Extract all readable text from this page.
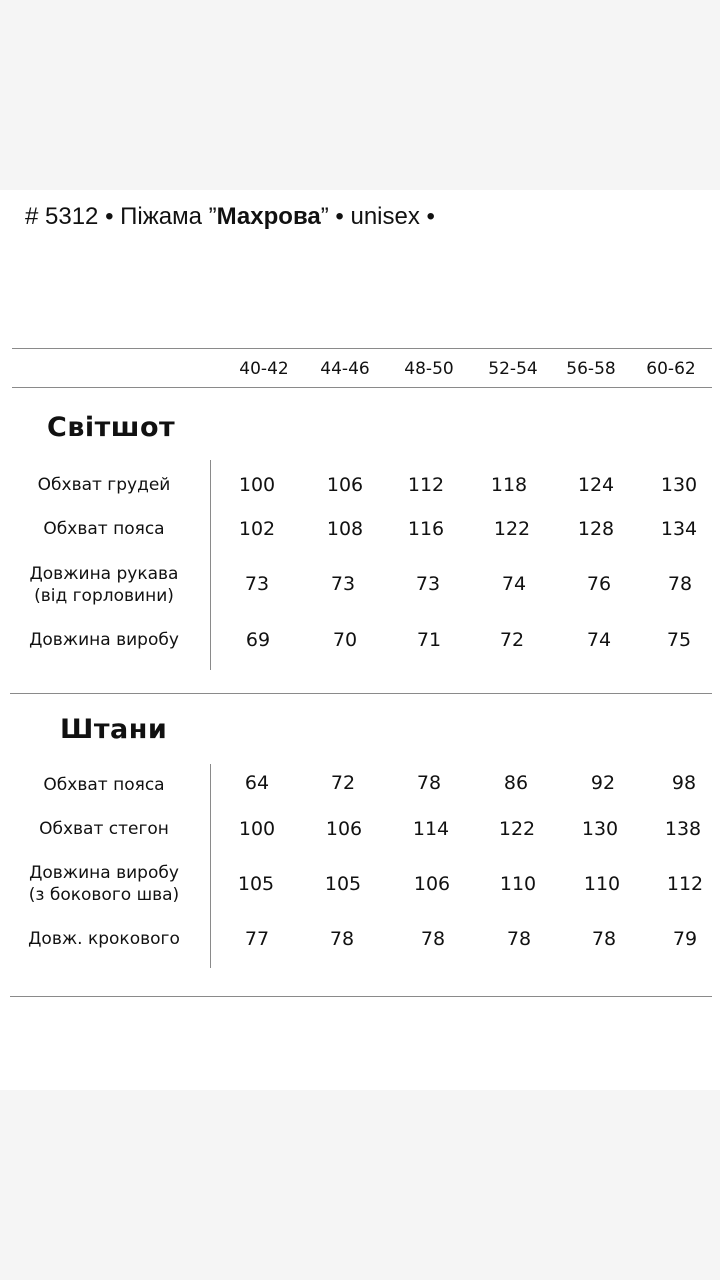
# 5312 • Піжама ”Махрова” • unisex •
40-42	44-46	48-50	52-54	56-58	60-62
Світшот
Обхват грудей	100	106	112	118	124	130
Обхват пояса	102	108	116	122	128	134
Довжина рукава
(від горловини)
73	73	73	74	76	78
Довжина виробу	69	70	71	72	74	75
Штани
Обхват пояса	64	72	78	86	92	98
Обхват стегон	100	106	114	122	130	138
Довжина виробу
(з бокового шва)	105	105	106	110	110	112
Довж. крокового	77	78	78	78	78	79
